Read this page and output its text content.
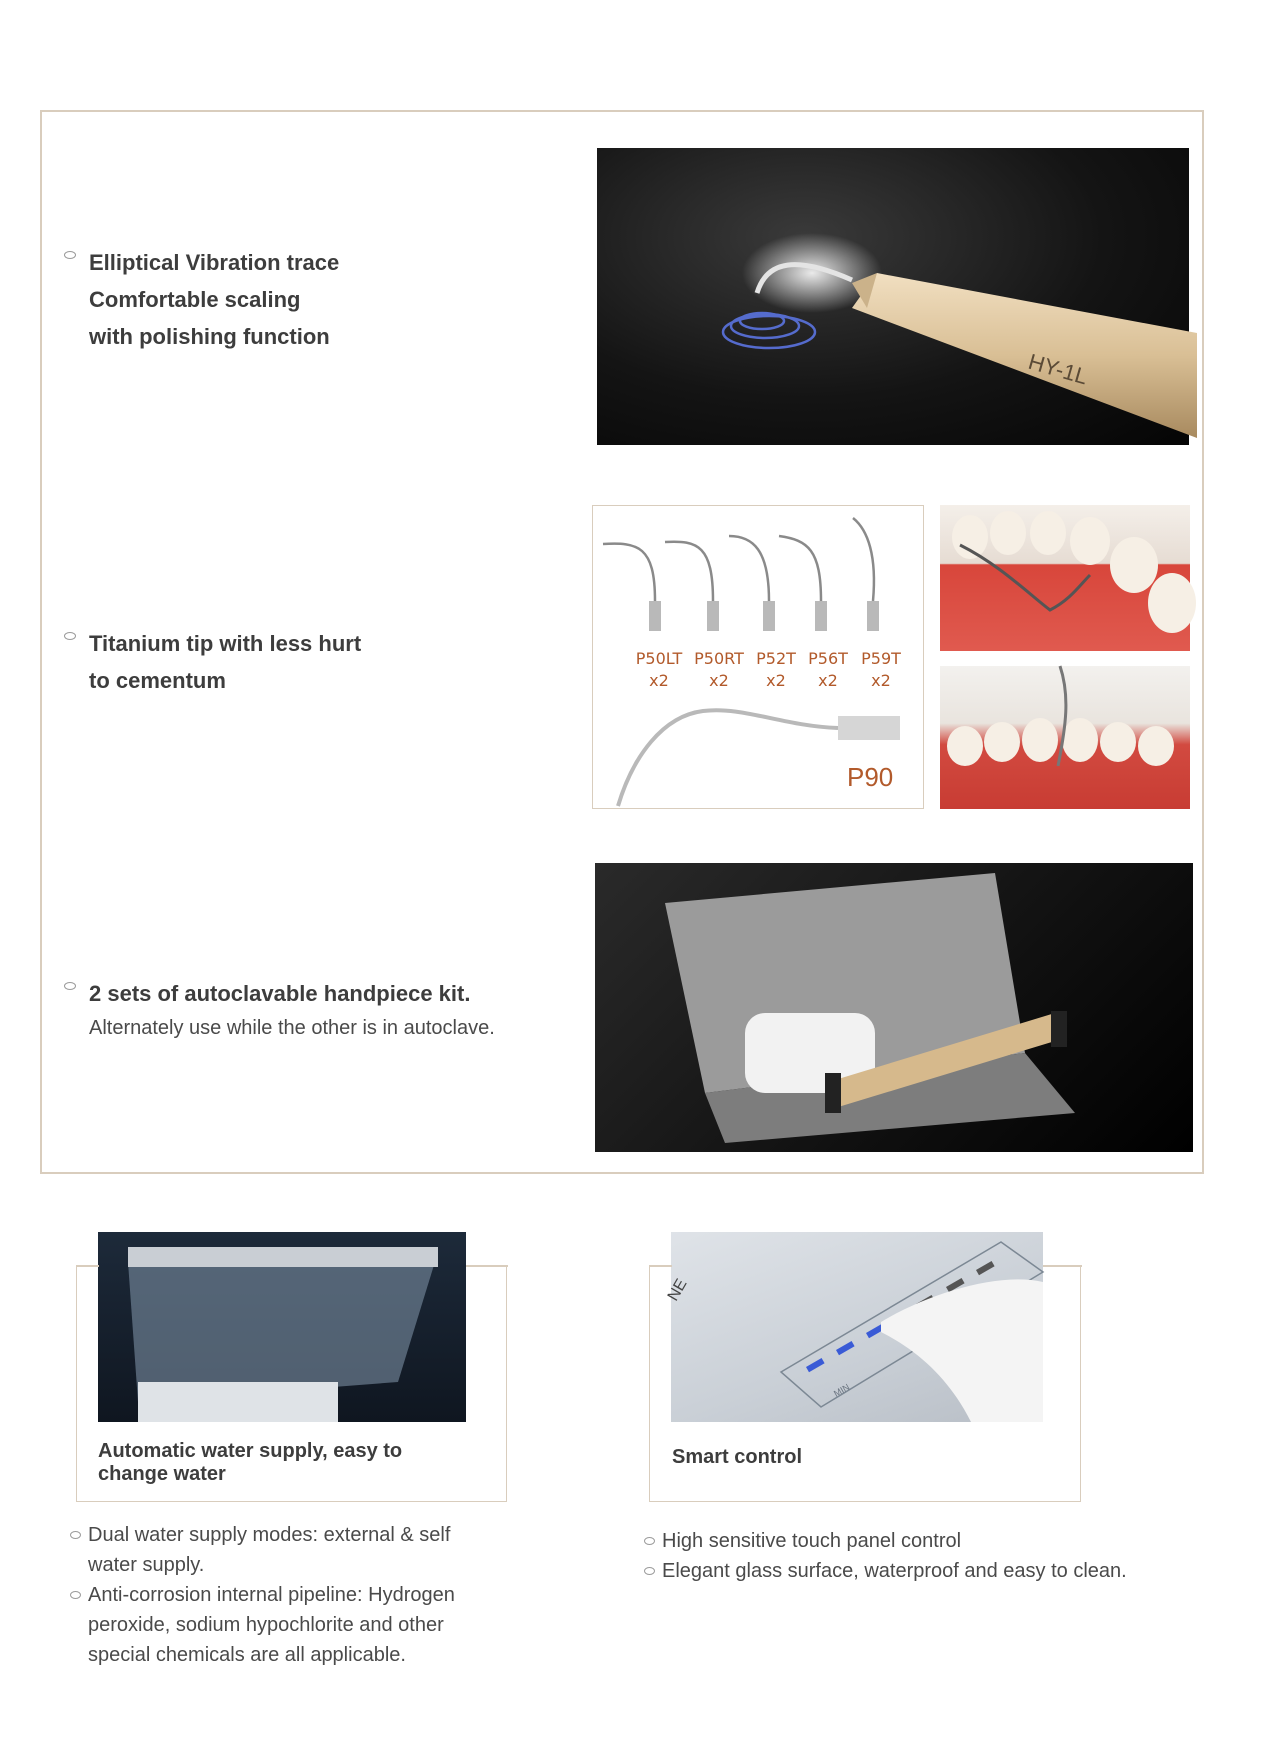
Elliptical Vibration trace
Comfortable scaling
with polishing function
Titanium tip with less hurt
to cementum
2 sets of autoclavable handpiece kit.
Alternately use while the other is in autoclave.
HY-1L
P50LT
x2
P50RT
x2
P52T
x2
P56T
x2
P59T
x2
P90
Automatic water supply, easy to
change water
NE
MIN
Smart control
Dual water supply modes: external & self
water supply.
Anti-corrosion internal pipeline: Hydrogen
peroxide, sodium hypochlorite and other
special chemicals are all applicable.
High sensitive touch panel control
Elegant glass surface, waterproof and easy to clean.
